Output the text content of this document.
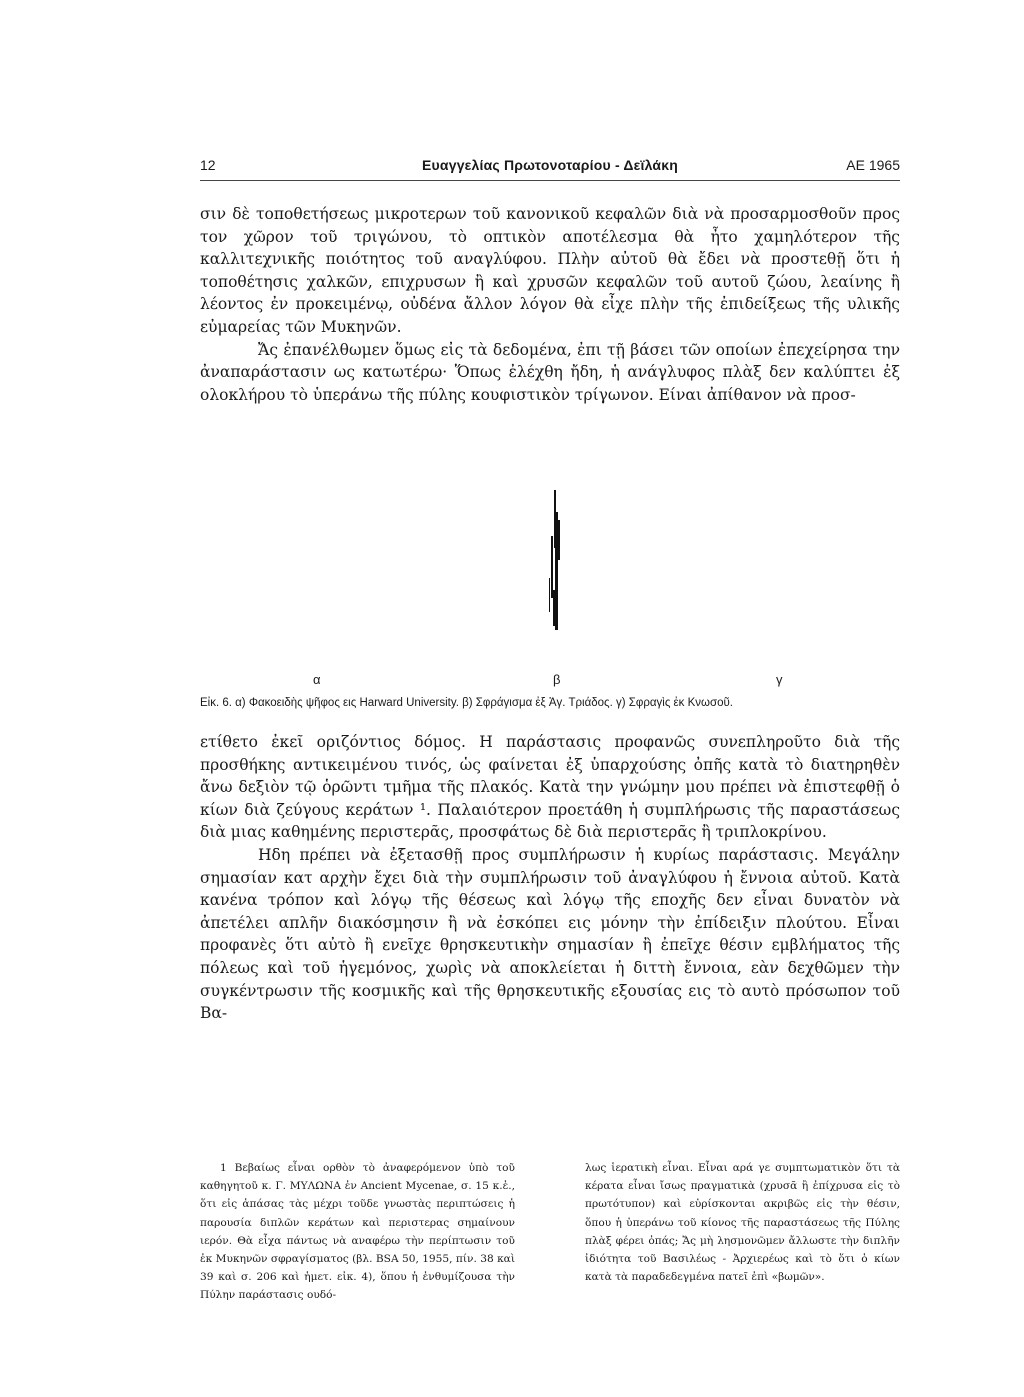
12	Ευαγγελίας Πρωτονοταρίου - Δεϊλάκη	ΑΕ 1965

σιν δὲ τοποθετήσεως μικροτερων τοῦ κανονικοῦ κεφαλῶν διὰ νὰ προσαρμοσθοῦν προς τον χῶρον τοῦ τριγώνου, τὸ οπτικὸν αποτέλεσμα θὰ ἦτο χαμηλότερον τῆς καλλιτεχνικῆς ποιότητος τοῦ αναγλύφου. Πλὴν αὐτοῦ θὰ ἔδει νὰ προστεθῇ ὅτι ἡ τοποθέτησις χαλκῶν, επιχρυσων ἢ καὶ χρυσῶν κεφαλῶν τοῦ αυτοῦ ζώου, λεαίνης ἢ λέοντος ἐν προκειμένῳ, οὐδένα ἄλλον λόγον θὰ εἶχε πλὴν τῆς ἐπιδείξεως τῆς υλικῆς εὐμαρείας τῶν Μυκηνῶν.

Ἄς ἐπανέλθωμεν ὅμως εἰς τὰ δεδομένα, ἐπι τῇ βάσει τῶν οποίων ἐπεχείρησα την ἀναπαράστασιν ως κατωτέρω· Ὅπως ἐλέχθη ἤδη, ἡ ανάγλυφος πλὰξ δεν καλύπτει ἐξ ολοκλήρου τὸ ὑπεράνω τῆς πύλης κουφιστικὸν τρίγωνον. Είναι ἀπίθανον νὰ προσ-

α	β	γ
Εἰκ. 6. α) Φακοειδὴς ψῆφος εις Harward University. β) Σφράγισμα ἐξ Ἁγ. Τριάδος. γ) Σφραγὶς ἐκ Κνωσοῦ.

ετίθετο ἐκεῖ οριζόντιος δόμος. Η παράστασις προφανῶς συνεπληροῦτο διὰ τῆς προσθήκης αντικειμένου τινός, ὡς φαίνεται ἐξ ὑπαρχούσης ὀπῆς κατὰ τὸ διατηρηθὲν ἄνω δεξιὸν τῷ ὁρῶντι τμῆμα τῆς πλακός. Κατὰ την γνώμην μου πρέπει νὰ ἐπιστεφθῇ ὁ κίων διὰ ζεύγους κεράτων ¹. Παλαιότερον προετάθη ἡ συμπλήρωσις τῆς παραστάσεως διὰ μιας καθημένης περιστερᾶς, προσφάτως δὲ διὰ περιστερᾶς ἢ τριπλοκρίνου.

Ηδη πρέπει νὰ ἐξετασθῇ προς συμπλήρωσιν ἡ κυρίως παράστασις. Μεγάλην σημασίαν κατ αρχὴν ἔχει διὰ τὴν συμπλήρωσιν τοῦ ἀναγλύφου ἡ ἔννοια αὐτοῦ. Κατὰ κανένα τρόπον καὶ λόγῳ τῆς θέσεως καὶ λόγῳ τῆς εποχῆς δεν εἶναι δυνατὸν νὰ ἀπετέλει απλῆν διακόσμησιν ἢ νὰ ἐσκόπει εις μόνην τὴν ἐπίδειξιν πλούτου. Εἶναι προφανὲς ὅτι αὐτὸ ἢ ενεῖχε θρησκευτικὴν σημασίαν ἢ ἐπεῖχε θέσιν εμβλήματος τῆς πόλεως καὶ τοῦ ἡγεμόνος, χωρὶς νὰ αποκλείεται ἡ διττὴ ἔννοια, εὰν δεχθῶμεν τὴν συγκέντρωσιν τῆς κοσμικῆς καὶ τῆς θρησκευτικῆς εξουσίας εις τὸ αυτὸ πρόσωπον τοῦ Βα-

1 Βεβαίως εἶναι ορθὸν τὸ ἀναφερόμενον ὑπὸ τοῦ καθηγητοῦ κ. Γ. ΜΥΛΩΝΑ ἐν Ancient Mycenae, σ. 15 κ.ἑ., ὅτι εἰς ἁπάσας τὰς μέχρι τοῦδε γνωστὰς περιπτώσεις ἡ παρουσία διπλῶν κεράτων καὶ περιστερας σημαίνουν ιερόν. Θὰ εἶχα πάντως νὰ αναφέρω τὴν περίπτωσιν τοῦ ἐκ Μυκηνῶν σφραγίσματος (βλ. BSA 50, 1955, πίν. 38 καὶ 39 καὶ σ. 206 καὶ ἡμετ. εἰκ. 4), ὅπου ἡ ἐνθυμίζουσα τὴν Πύλην παράστασις ουδό-

λως ἱερατικὴ εἶναι. Εἶναι αρά γε συμπτωματικὸν ὅτι τὰ κέρατα εἶναι ἴσως πραγματικὰ (χρυσᾶ ἢ ἐπίχρυσα εἰς τὸ πρωτότυπον) καὶ εὑρίσκονται ακριβῶς εἰς τὴν θέσιν, ὅπου ἡ ὑπεράνω τοῦ κίονος τῆς παραστάσεως τῆς Πύλης πλὰξ φέρει ὀπάς; Ἄς μὴ λησμονῶμεν ἄλλωστε τὴν διπλῆν ἰδιότητα τοῦ Βασιλέως - Ἀρχιερέως καὶ τὸ ὅτι ὁ κίων κατὰ τὰ παραδεδεγμένα πατεῖ ἐπὶ «βωμῶν».
